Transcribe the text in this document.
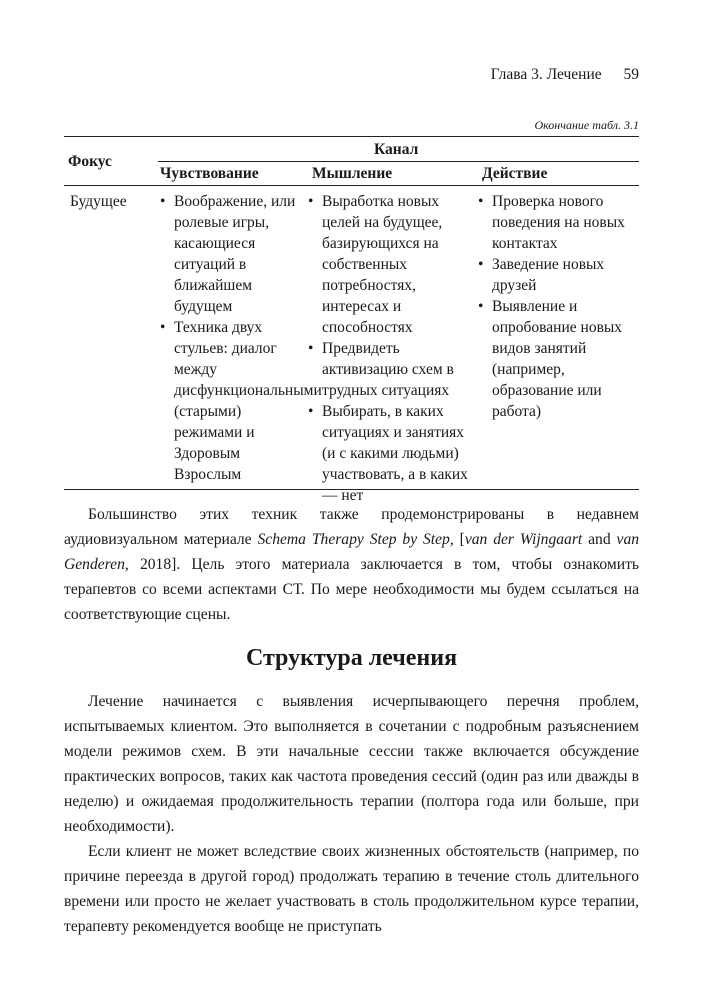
Глава 3. Лечение 59
Окончание табл. 3.1
Фокус
Канал
Чувствование	Мышление	Действие
Будущее
•	Воображение, или ролевые игры, касающиеся ситуаций в ближайшем будущем
• Техника двух стульев: диалог между дисфункциональными (старыми) режимами и Здоровым Взрослым
• Выработка новых целей на будущее, базирующихся на собственных потребностях, интересах и способностях
• Предвидеть активизацию схем в трудных ситуациях
• Выбирать, в каких ситуациях и занятиях (и с какими людьми) участвовать, а в каких — нет
• Проверка нового поведения на новых контактах
• Заведение новых друзей
• Выявление и опробование новых видов занятий (например, образование или работа)

Большинство этих техник также продемонстрированы в недавнем аудиовизуальном материале Schema Therapy Step by Step, [van der Wijngaart and van Genderen, 2018]. Цель этого материала заключается в том, чтобы ознакомить терапевтов со всеми аспектами СТ. По мере необходимости мы будем ссылаться на соответствующие сцены.

Структура лечения

Лечение начинается с выявления исчерпывающего перечня проблем, испытываемых клиентом. Это выполняется в сочетании с подробным разъяснением модели режимов схем. В эти начальные сессии также включается обсуждение практических вопросов, таких как частота проведения сессий (один раз или дважды в неделю) и ожидаемая продолжительность терапии (полтора года или больше, при необходимости).

Если клиент не может вследствие своих жизненных обстоятельств (например, по причине переезда в другой город) продолжать терапию в течение столь длительного времени или просто не желает участвовать в столь продолжительном курсе терапии, терапевту рекомендуется вообще не приступать
